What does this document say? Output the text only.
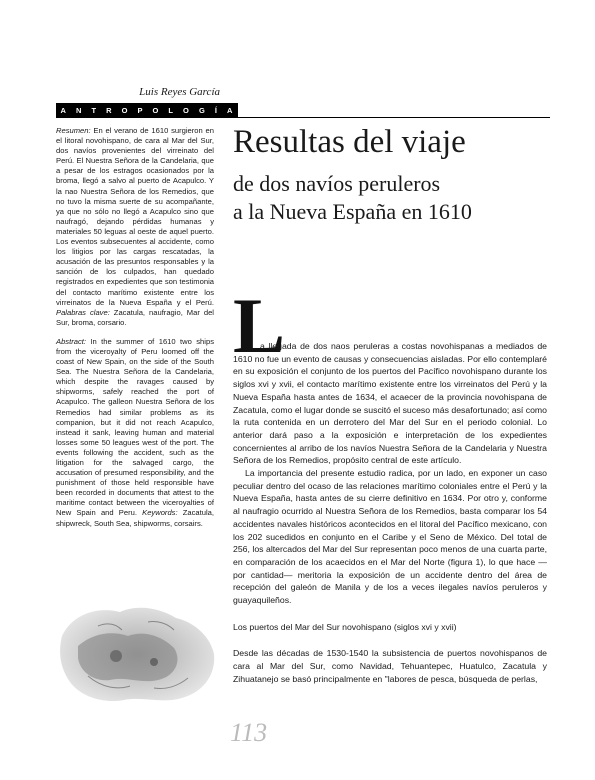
Luis Reyes García
A N T R O P O L O G Í A

Resumen: En el verano de 1610 surgieron en el litoral novohispano, de cara al Mar del Sur, dos navíos provenientes del virreinato del Perú. El Nuestra Señora de la Candelaria, que a pesar de los estragos ocasionados por la broma, llegó a salvo al puerto de Acapulco. Y la nao Nuestra Señora de los Remedios, que no tuvo la misma suerte de su acompañante, ya que no sólo no llegó a Acapulco sino que naufragó, dejando pérdidas humanas y materiales 50 leguas al oeste de aquel puerto. Los eventos subsecuentes al accidente, como los litigios por las cargas rescatadas, la acusación de las presuntos responsables y la sanción de los culpados, han quedado registrados en expedientes que son testimonia del contacto marítimo existente entre los virreinatos de la Nueva España y el Perú. Palabras clave: Zacatula, naufragio, Mar del Sur, broma, corsario.

Abstract: In the summer of 1610 two ships from the viceroyalty of Peru loomed off the coast of New Spain, on the side of the South Sea. The Nuestra Señora de la Candelaria, which despite the ravages caused by shipworms, safely reached the port of Acapulco. The galleon Nuestra Señora de los Remedios had similar problems as its companion, but it did not reach Acapulco, instead it sank, leaving human and material losses some 50 leagues west of the port. The events following the accident, such as the litigation for the salvaged cargo, the accusation of presumed responsibility, and the punishment of those held responsible have been recorded in documents that attest to the maritime contact between the viceroyalties of New Spain and Peru. Keywords: Zacatula, shipwreck, South Sea, shipworms, corsairs.

Resultas del viaje
de dos navíos peruleros
a la Nueva España en 1610
L

a llegada de dos naos peruleras a costas novohispanas a mediados de 1610 no fue un evento de causas y consecuencias aisladas. Por ello contemplaré en su exposición el conjunto de los puertos del Pacífico novohispano durante los siglos xvi y xvii, el contacto marítimo existente entre los virreinatos del Perú y la Nueva España hasta antes de 1634, el acaecer de la provincia novohispana de Zacatula, como el lugar donde se suscitó el suceso más desafortunado; así como la ruta contenida en un derrotero del Mar del Sur en el periodo colonial. Lo anterior dará paso a la exposición e interpretación de los expedientes concernientes al arribo de los navíos Nuestra Señora de la Candelaria y Nuestra Señora de los Remedios, propósito central de este artículo.

La importancia del presente estudio radica, por un lado, en exponer un caso peculiar dentro del ocaso de las relaciones marítimo coloniales entre el Perú y la Nueva España, hasta antes de su cierre definitivo en 1634. Por otro y, conforme al naufragio ocurrido al Nuestra Señora de los Remedios, basta comparar los 54 accidentes navales históricos acontecidos en el litoral del Pacífico mexicano, con los 202 sucedidos en conjunto en el Caribe y el Seno de México. Del total de 256, los altercados del Mar del Sur representan poco menos de una cuarta parte, en comparación de los acaecidos en el Mar del Norte (figura 1), lo que hace —por cantidad— meritoria la exposición de un accidente dentro del área de recepción del galeón de Manila y de los a veces ilegales navíos peruleros y guayaquileños.

Los puertos del Mar del Sur novohispano (siglos xvi y xvii)

Desde las décadas de 1530-1540 la subsistencia de puertos novohispanos de cara al Mar del Sur, como Navidad, Tehuantepec, Huatulco, Zacatula y Zihuatanejo se basó principalmente en "labores de pesca, búsqueda de perlas,

113
